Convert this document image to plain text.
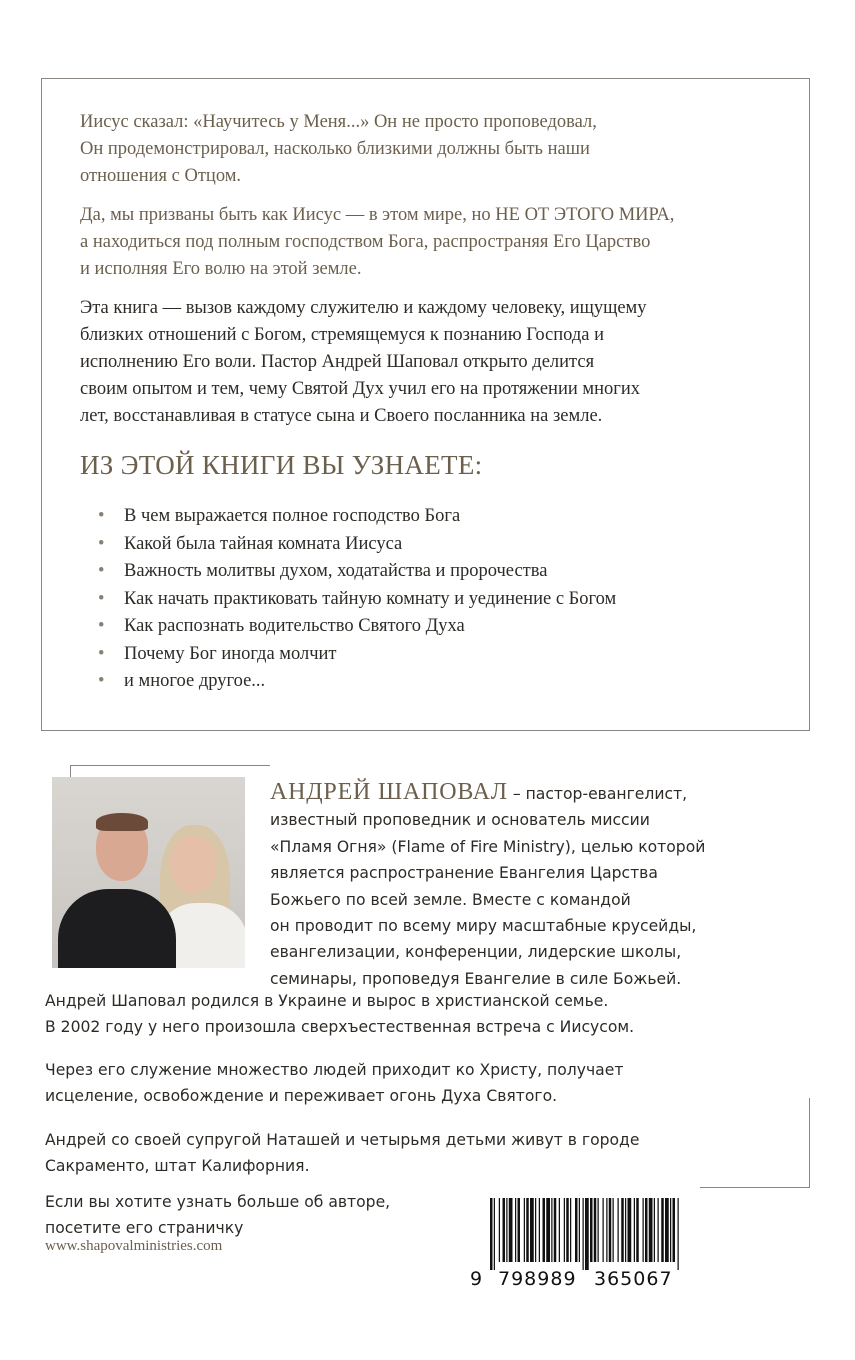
Иисус сказал: «Научитесь у Меня...» Он не просто проповедовал,
Он продемонстрировал, насколько близкими должны быть наши
отношения с Отцом.

Да, мы призваны быть как Иисус — в этом мире, но НЕ ОТ ЭТОГО МИРА,
а находиться под полным господством Бога, распространяя Его Царство
и исполняя Его волю на этой земле.

Эта книга — вызов каждому служителю и каждому человеку, ищущему
близких отношений с Богом, стремящемуся к познанию Господа и
исполнению Его воли. Пастор Андрей Шаповал открыто делится
своим опытом и тем, чему Святой Дух учил его на протяжении многих
лет, восстанавливая в статусе сына и Своего посланника на земле.

ИЗ ЭТОЙ КНИГИ ВЫ УЗНАЕТЕ:
• В чем выражается полное господство Бога
• Какой была тайная комната Иисуса
• Важность молитвы духом, ходатайства и пророчества
• Как начать практиковать тайную комнату и уединение с Богом
• Как распознать водительство Святого Духа
• Почему Бог иногда молчит
• и многое другое...
АНДРЕЙ ШАПОВАЛ – пастор-евангелист,
известный проповедник и основатель миссии
«Пламя Огня» (Flame of Fire Ministry), целью которой
является распространение Евангелия Царства
Божьего по всей земле. Вместе с командой
он проводит по всему миру масштабные крусейды,
евангелизации, конференции, лидерские школы,
семинары, проповедуя Евангелие в силе Божьей.
Андрей Шаповал родился в Украине и вырос в христианской семье.
В 2002 году у него произошла сверхъестественная встреча с Иисусом.
Через его служение множество людей приходит ко Христу, получает
исцеление, освобождение и переживает огонь Духа Святого.
Андрей со своей супругой Наташей и четырьмя детьми живут в городе
Сакраменто, штат Калифорния.
Если вы хотите узнать больше об авторе,
посетите его страничку
www.shapovalministries.com
9 798989 365067
